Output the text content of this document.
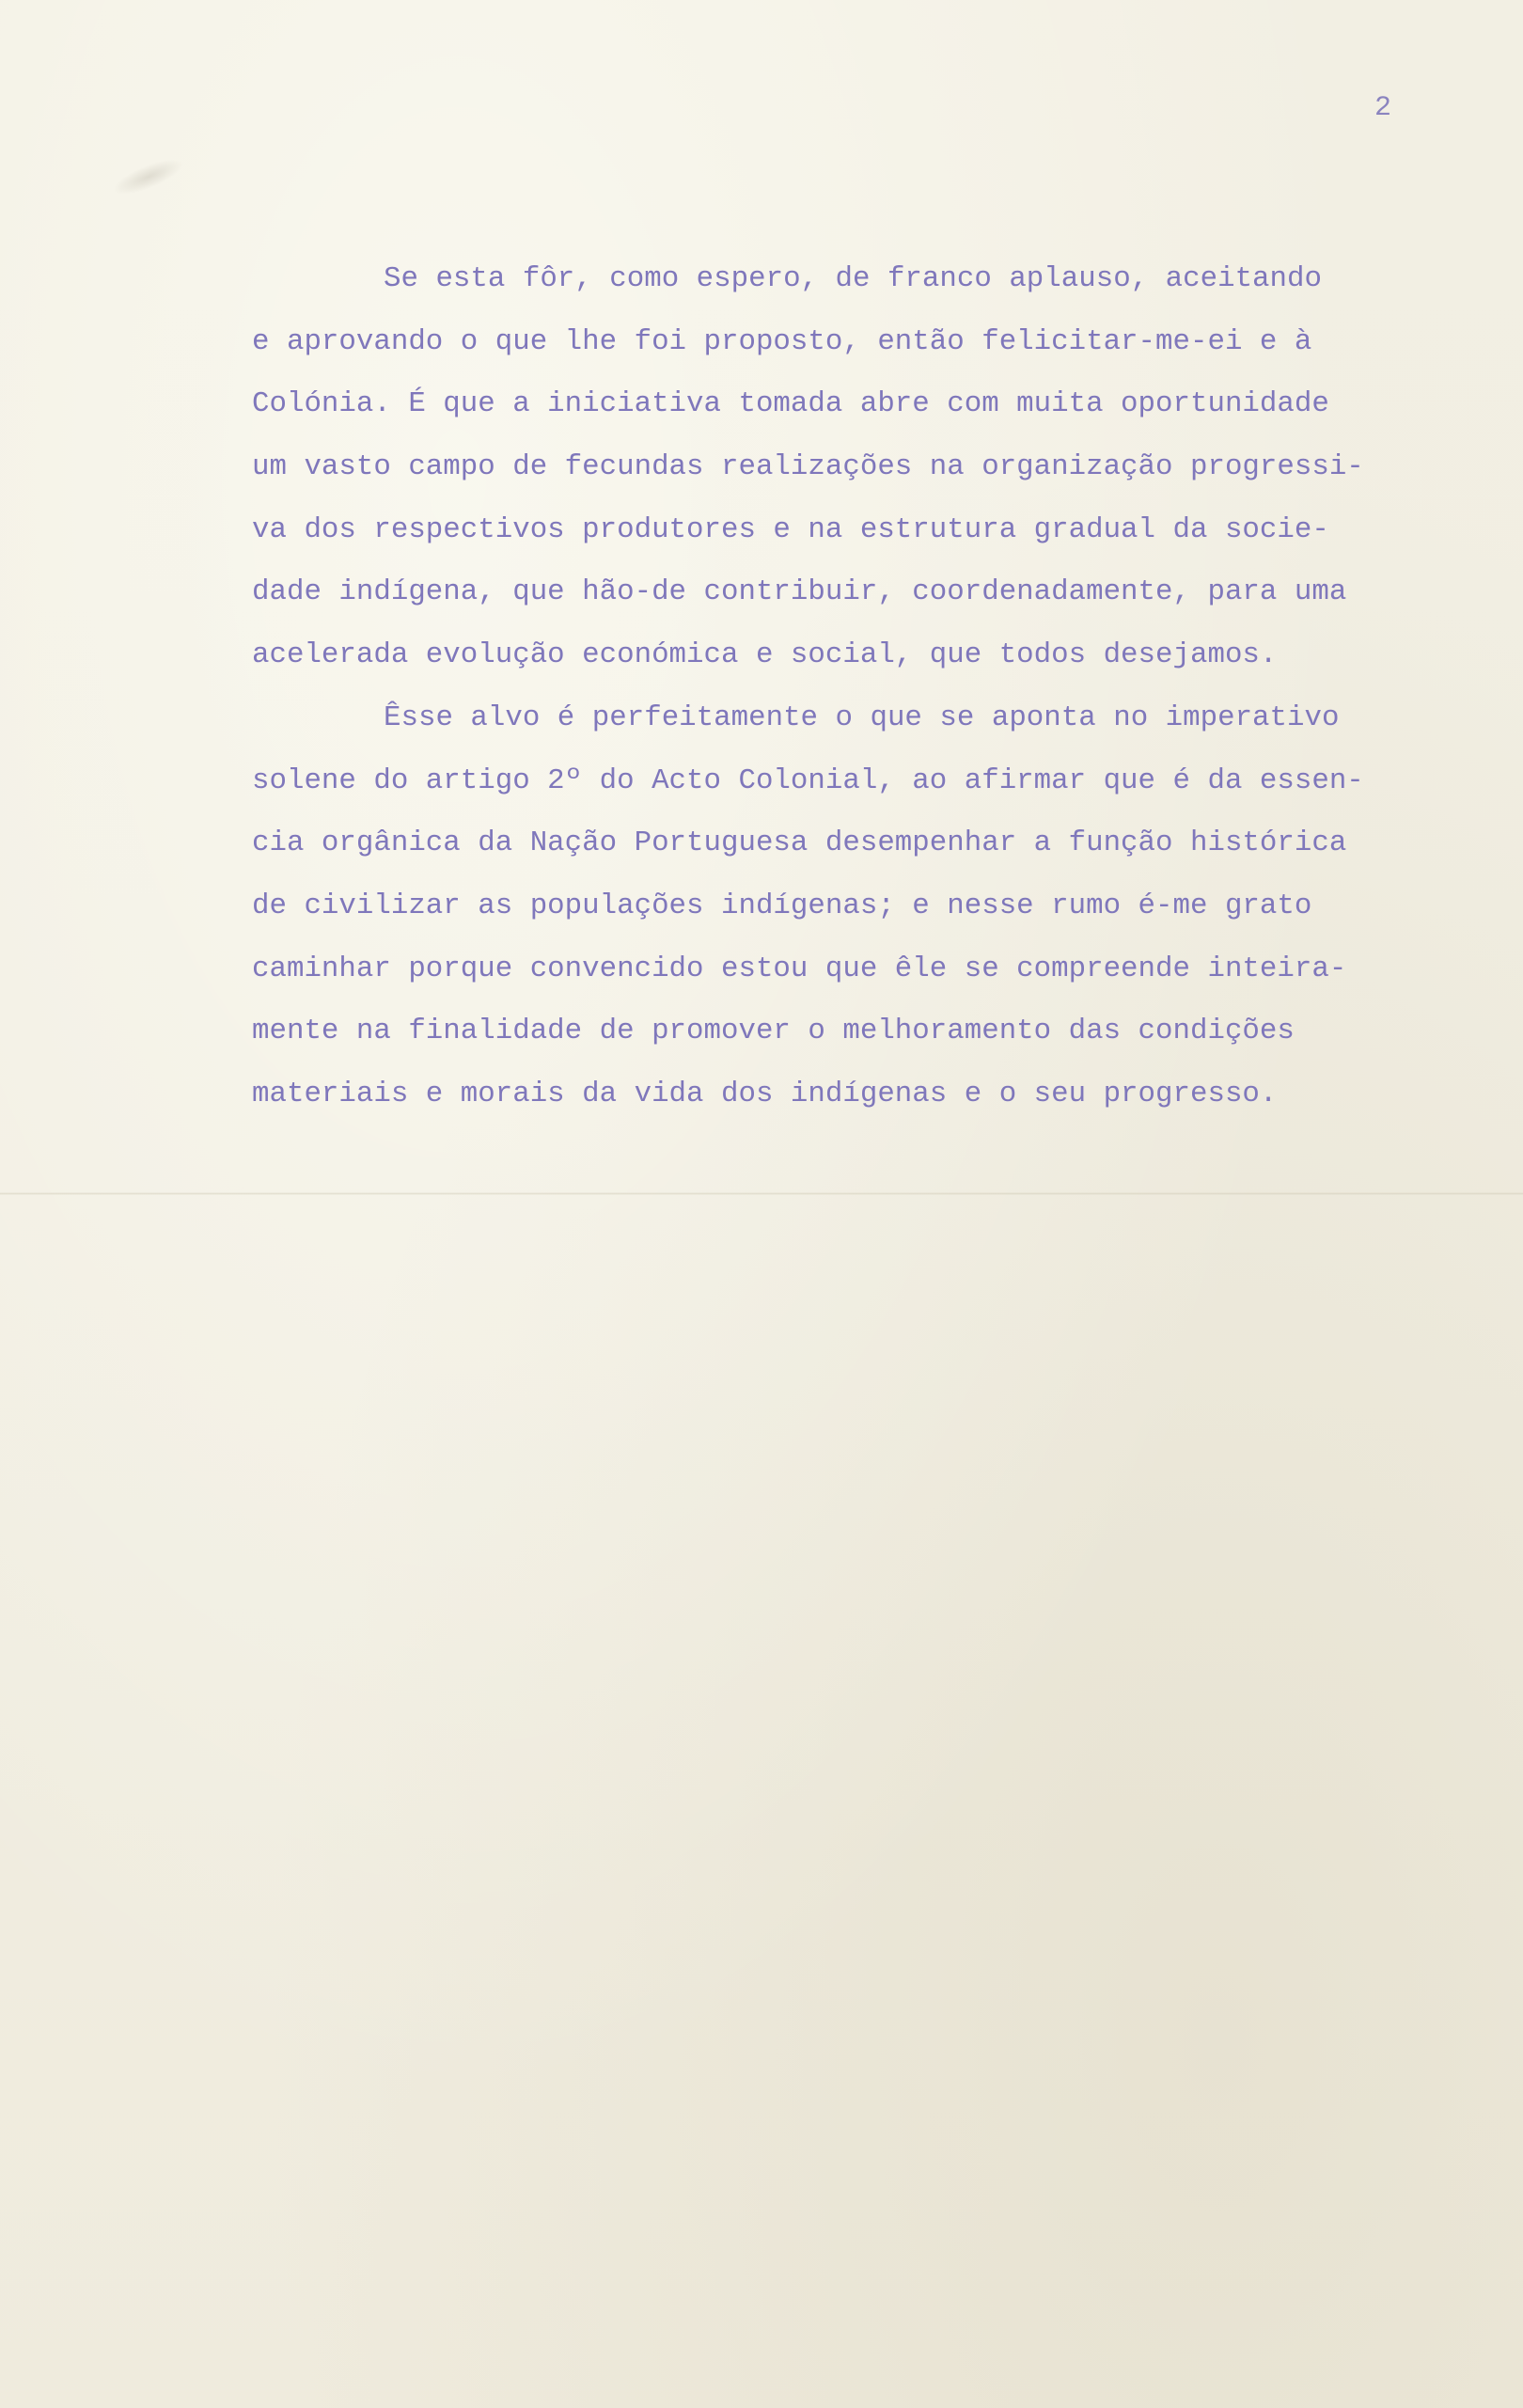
2
Se esta fôr, como espero, de franco aplauso, aceitando
e aprovando o que lhe foi proposto, então felicitar-me-ei e à
Colónia. É que a iniciativa tomada abre com muita oportunidade
um vasto campo de fecundas realizações na organização progressi-
va dos respectivos produtores e na estrutura gradual da socie-
dade indígena, que hão-de contribuir, coordenadamente, para uma
acelerada evolução económica e social, que todos desejamos.
Êsse alvo é perfeitamente o que se aponta no imperativo
solene do artigo 2º do Acto Colonial, ao afirmar que é da essen-
cia orgânica da Nação Portuguesa desempenhar a função histórica
de civilizar as populações indígenas; e nesse rumo é-me grato
caminhar porque convencido estou que êle se compreende inteira-
mente na finalidade de promover o melhoramento das condições
materiais e morais da vida dos indígenas e o seu progresso.
